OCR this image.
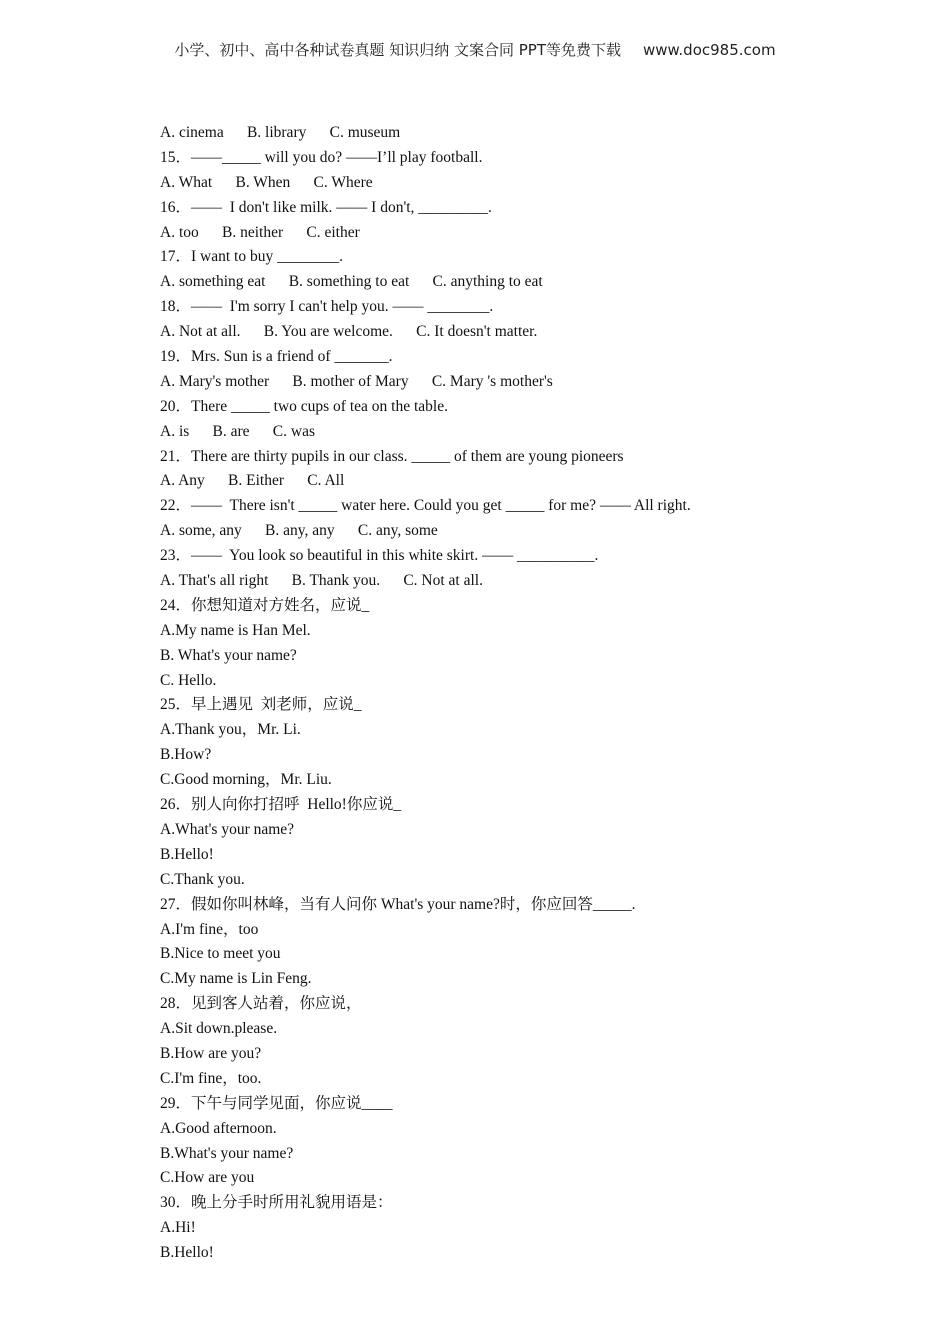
小学、初中、高中各种试卷真题 知识归纳 文案合同 PPT等免费下载 www.doc985.com
A. cinema      B. library      C. museum
15．——_____ will you do? ——I’ll play football.
A. What      B. When      C. Where
16．——  I don't like milk. —— I don't, _________.
A. too      B. neither      C. either
17．I want to buy ________.
A. something eat      B. something to eat      C. anything to eat
18．——  I'm sorry I can't help you. —— ________.
A. Not at all.      B. You are welcome.      C. It doesn't matter.
19．Mrs. Sun is a friend of _______.
A. Mary's mother      B. mother of Mary      C. Mary 's mother's
20．There _____ two cups of tea on the table.
A. is      B. are      C. was
21．There are thirty pupils in our class. _____ of them are young pioneers
A. Any      B. Either      C. All
22．——  There isn't _____ water here. Could you get _____ for me? —— All right.
A. some, any      B. any, any      C. any, some
23．——  You look so beautiful in this white skirt. —— __________.
A. That's all right      B. Thank you.      C. Not at all.
24．你想知道对方姓名，应说_
A.My name is Han Mel.
B. What's your name?
C. Hello.
25．早上遇见  刘老师，应说_
A.Thank you，Mr. Li.
B.How?
C.Good morning，Mr. Liu.
26．别人向你打招呼  Hello!你应说_
A.What's your name?
B.Hello!
C.Thank you.
27．假如你叫林峰，当有人问你 What's your name?时，你应回答_____.
A.I'm fine，too
B.Nice to meet you
C.My name is Lin Feng.
28．见到客人站着，你应说，
A.Sit down.please.
B.How are you?
C.I'm fine，too.
29．下午与同学见面，你应说____
A.Good afternoon.
B.What's your name?
C.How are you
30．晚上分手时所用礼貌用语是：
A.Hi!
B.Hello!
